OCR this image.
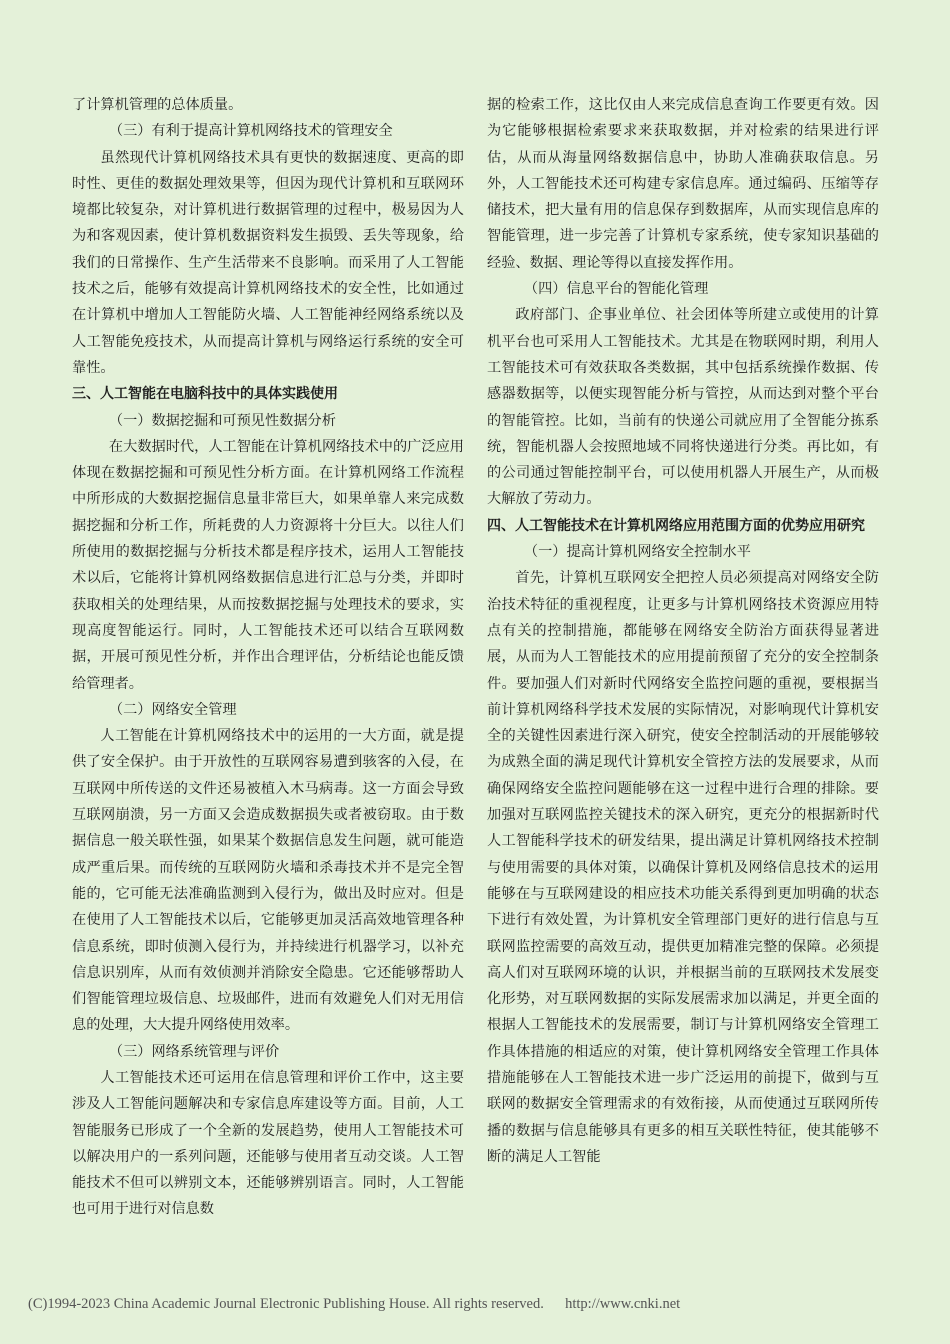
了计算机管理的总体质量。

（三）有利于提高计算机网络技术的管理安全

虽然现代计算机网络技术具有更快的数据速度、更高的即时性、更佳的数据处理效果等，但因为现代计算机和互联网环境都比较复杂，对计算机进行数据管理的过程中，极易因为人为和客观因素，使计算机数据资料发生损毁、丢失等现象，给我们的日常操作、生产生活带来不良影响。而采用了人工智能技术之后，能够有效提高计算机网络技术的安全性，比如通过在计算机中增加人工智能防火墙、人工智能神经网络系统以及人工智能免疫技术，从而提高计算机与网络运行系统的安全可靠性。

三、人工智能在电脑科技中的具体实践使用

（一）数据挖掘和可预见性数据分析

在大数据时代，人工智能在计算机网络技术中的广泛应用体现在数据挖掘和可预见性分析方面。在计算机网络工作流程中所形成的大数据挖掘信息量非常巨大，如果单靠人来完成数据挖掘和分析工作，所耗费的人力资源将十分巨大。以往人们所使用的数据挖掘与分析技术都是程序技术，运用人工智能技术以后，它能将计算机网络数据信息进行汇总与分类，并即时获取相关的处理结果，从而按数据挖掘与处理技术的要求，实现高度智能运行。同时，人工智能技术还可以结合互联网数据，开展可预见性分析，并作出合理评估，分析结论也能反馈给管理者。

（二）网络安全管理

人工智能在计算机网络技术中的运用的一大方面，就是提供了安全保护。由于开放性的互联网容易遭到骇客的入侵，在互联网中所传送的文件还易被植入木马病毒。这一方面会导致互联网崩溃，另一方面又会造成数据损失或者被窃取。由于数据信息一般关联性强，如果某个数据信息发生问题，就可能造成严重后果。而传统的互联网防火墙和杀毒技术并不是完全智能的，它可能无法准确监测到入侵行为，做出及时应对。但是在使用了人工智能技术以后，它能够更加灵活高效地管理各种信息系统，即时侦测入侵行为，并持续进行机器学习，以补充信息识别库，从而有效侦测并消除安全隐患。它还能够帮助人们智能管理垃圾信息、垃圾邮件，进而有效避免人们对无用信息的处理，大大提升网络使用效率。

（三）网络系统管理与评价

人工智能技术还可运用在信息管理和评价工作中，这主要涉及人工智能问题解决和专家信息库建设等方面。目前，人工智能服务已形成了一个全新的发展趋势，使用人工智能技术可以解决用户的一系列问题，还能够与使用者互动交谈。人工智能技术不但可以辨别文本，还能够辨别语言。同时，人工智能也可用于进行对信息数

据的检索工作，这比仅由人来完成信息查询工作要更有效。因为它能够根据检索要求来获取数据，并对检索的结果进行评估，从而从海量网络数据信息中，协助人准确获取信息。另外，人工智能技术还可构建专家信息库。通过编码、压缩等存储技术，把大量有用的信息保存到数据库，从而实现信息库的智能管理，进一步完善了计算机专家系统，使专家知识基础的经验、数据、理论等得以直接发挥作用。

（四）信息平台的智能化管理

政府部门、企事业单位、社会团体等所建立或使用的计算机平台也可采用人工智能技术。尤其是在物联网时期，利用人工智能技术可有效获取各类数据，其中包括系统操作数据、传感器数据等，以便实现智能分析与管控，从而达到对整个平台的智能管控。比如，当前有的快递公司就应用了全智能分拣系统，智能机器人会按照地域不同将快递进行分类。再比如，有的公司通过智能控制平台，可以使用机器人开展生产，从而极大解放了劳动力。

四、人工智能技术在计算机网络应用范围方面的优势应用研究

（一）提高计算机网络安全控制水平

首先，计算机互联网安全把控人员必须提高对网络安全防治技术特征的重视程度，让更多与计算机网络技术资源应用特点有关的控制措施，都能够在网络安全防治方面获得显著进展，从而为人工智能技术的应用提前预留了充分的安全控制条件。要加强人们对新时代网络安全监控问题的重视，要根据当前计算机网络科学技术发展的实际情况，对影响现代计算机安全的关键性因素进行深入研究，使安全控制活动的开展能够较为成熟全面的满足现代计算机安全管控方法的发展要求，从而确保网络安全监控问题能够在这一过程中进行合理的排除。要加强对互联网监控关键技术的深入研究，更充分的根据新时代人工智能科学技术的研发结果，提出满足计算机网络技术控制与使用需要的具体对策，以确保计算机及网络信息技术的运用能够在与互联网建设的相应技术功能关系得到更加明确的状态下进行有效处置，为计算机安全管理部门更好的进行信息与互联网监控需要的高效互动，提供更加精准完整的保障。必须提高人们对互联网环境的认识，并根据当前的互联网技术发展变化形势，对互联网数据的实际发展需求加以满足，并更全面的根据人工智能技术的发展需要，制订与计算机网络安全管理工作具体措施的相适应的对策，使计算机网络安全管理工作具体措施能够在人工智能技术进一步广泛运用的前提下，做到与互联网的数据安全管理需求的有效衔接，从而使通过互联网所传播的数据与信息能够具有更多的相互关联性特征，使其能够不断的满足人工智能

(C)1994-2023 China Academic Journal Electronic Publishing House. All rights reserved. http://www.cnki.net
